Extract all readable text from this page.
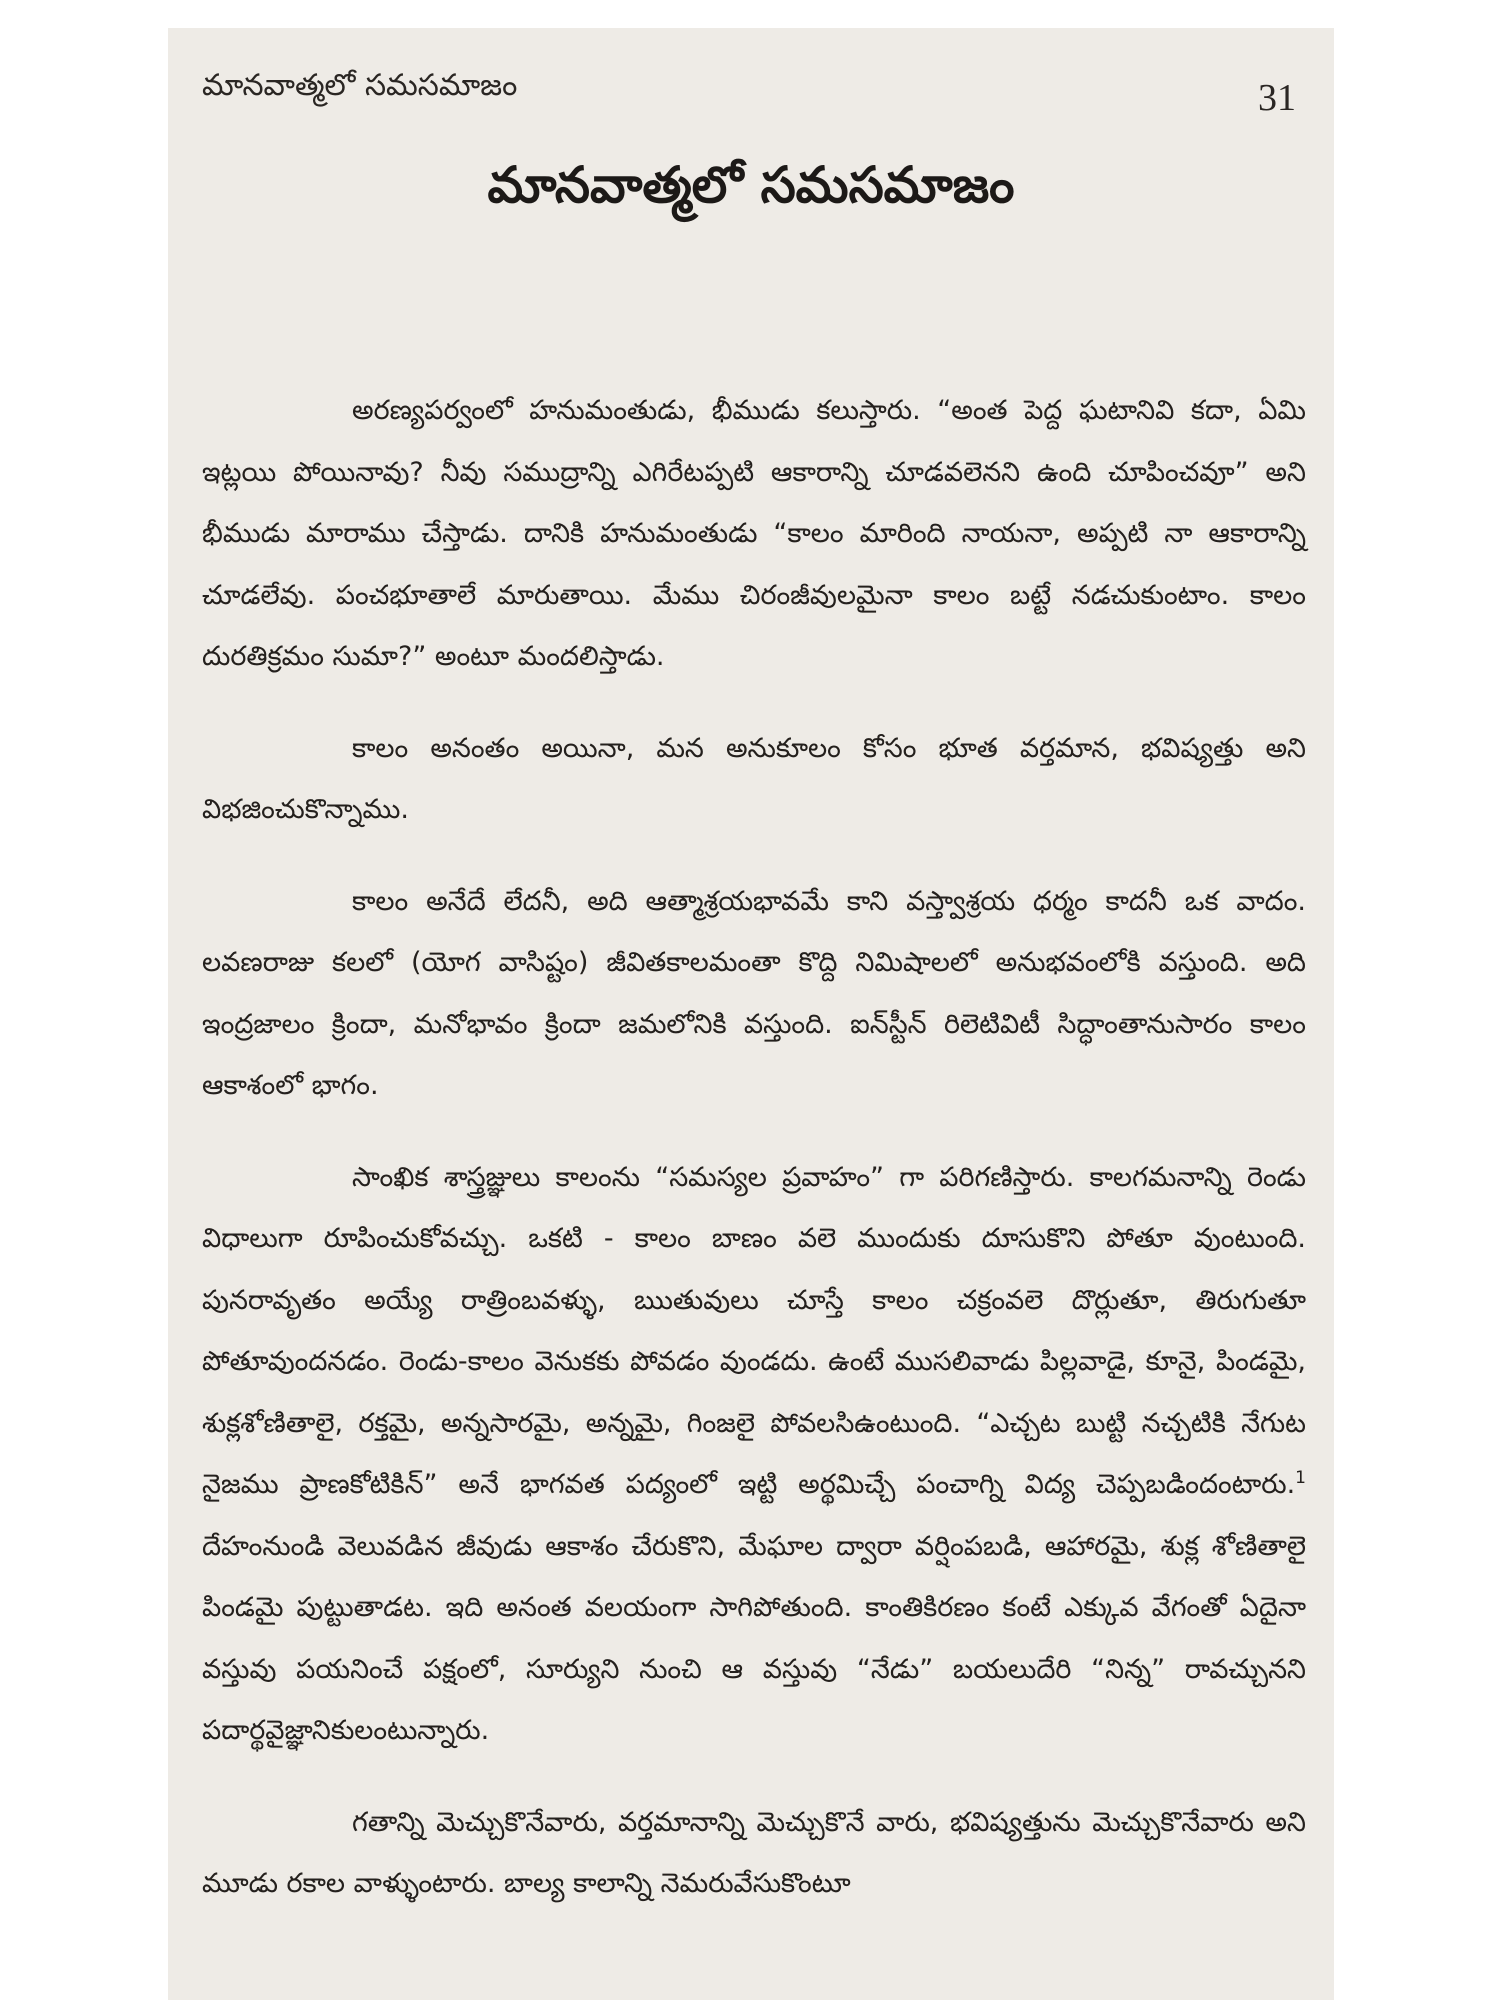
మానవాత్మలో సమసమాజం	31
మానవాత్మలో సమసమాజం

అరణ్యపర్వంలో హనుమంతుడు, భీముడు కలుస్తారు. “అంత పెద్ద ఘటానివి కదా, ఏమి ఇట్లయి పోయినావు? నీవు సముద్రాన్ని ఎగిరేటప్పటి ఆకారాన్ని చూడవలెనని ఉంది చూపించవూ” అని భీముడు మారాము చేస్తాడు. దానికి హనుమంతుడు “కాలం మారింది నాయనా, అప్పటి నా ఆకారాన్ని చూడలేవు. పంచభూతాలే మారుతాయి. మేము చిరంజీవులమైనా కాలం బట్టే నడచుకుంటాం. కాలం దురతిక్రమం సుమా?” అంటూ మందలిస్తాడు.

కాలం అనంతం అయినా, మన అనుకూలం కోసం భూత వర్తమాన, భవిష్యత్తు అని విభజించుకొన్నాము.

కాలం అనేదే లేదనీ, అది ఆత్మాశ్రయభావమే కాని వస్త్వాశ్రయ ధర్మం కాదనీ ఒక వాదం. లవణరాజు కలలో (యోగ వాసిష్టం) జీవితకాలమంతా కొద్ది నిమిషాలలో అనుభవంలోకి వస్తుంది. అది ఇంద్రజాలం క్రిందా, మనోభావం క్రిందా జమలోనికి వస్తుంది. ఐన్‌స్టీన్ రిలెటివిటీ సిద్ధాంతానుసారం కాలం ఆకాశంలో భాగం.

సాంఖిక శాస్త్రజ్ఞులు కాలంను “సమస్యల ప్రవాహం” గా పరిగణిస్తారు. కాలగమనాన్ని రెండు విధాలుగా రూపించుకోవచ్చు. ఒకటి - కాలం బాణం వలె ముందుకు దూసుకొని పోతూ వుంటుంది. పునరావృతం అయ్యే రాత్రింబవళ్ళు, ఋతువులు చూస్తే కాలం చక్రంవలె దొర్లుతూ, తిరుగుతూ పోతూవుందనడం. రెండు-కాలం వెనుకకు పోవడం వుండదు. ఉంటే ముసలివాడు పిల్లవాడై, కూనై, పిండమై, శుక్లశోణితాలై, రక్తమై, అన్నసారమై, అన్నమై, గింజలై పోవలసిఉంటుంది. “ఎచ్చట బుట్టి నచ్చటికి నేగుట నైజము ప్రాణకోటికిన్” అనే భాగవత పద్యంలో ఇట్టి అర్థమిచ్చే పంచాగ్ని విద్య చెప్పబడిందంటారు.$^1$ దేహంనుండి వెలువడిన జీవుడు ఆకాశం చేరుకొని, మేఘాల ద్వారా వర్షింపబడి, ఆహారమై, శుక్ల శోణితాలై పిండమై పుట్టుతాడట. ఇది అనంత వలయంగా సాగిపోతుంది. కాంతికిరణం కంటే ఎక్కువ వేగంతో ఏదైనా వస్తువు పయనించే పక్షంలో, సూర్యుని నుంచి ఆ వస్తువు “నేడు” బయలుదేరి “నిన్న” రావచ్చునని పదార్థవైజ్ఞానికులంటున్నారు.

గతాన్ని మెచ్చుకొనేవారు, వర్తమానాన్ని మెచ్చుకొనే వారు, భవిష్యత్తును మెచ్చుకొనేవారు అని మూడు రకాల వాళ్ళుంటారు. బాల్య కాలాన్ని నెమరువేసుకొంటూ
